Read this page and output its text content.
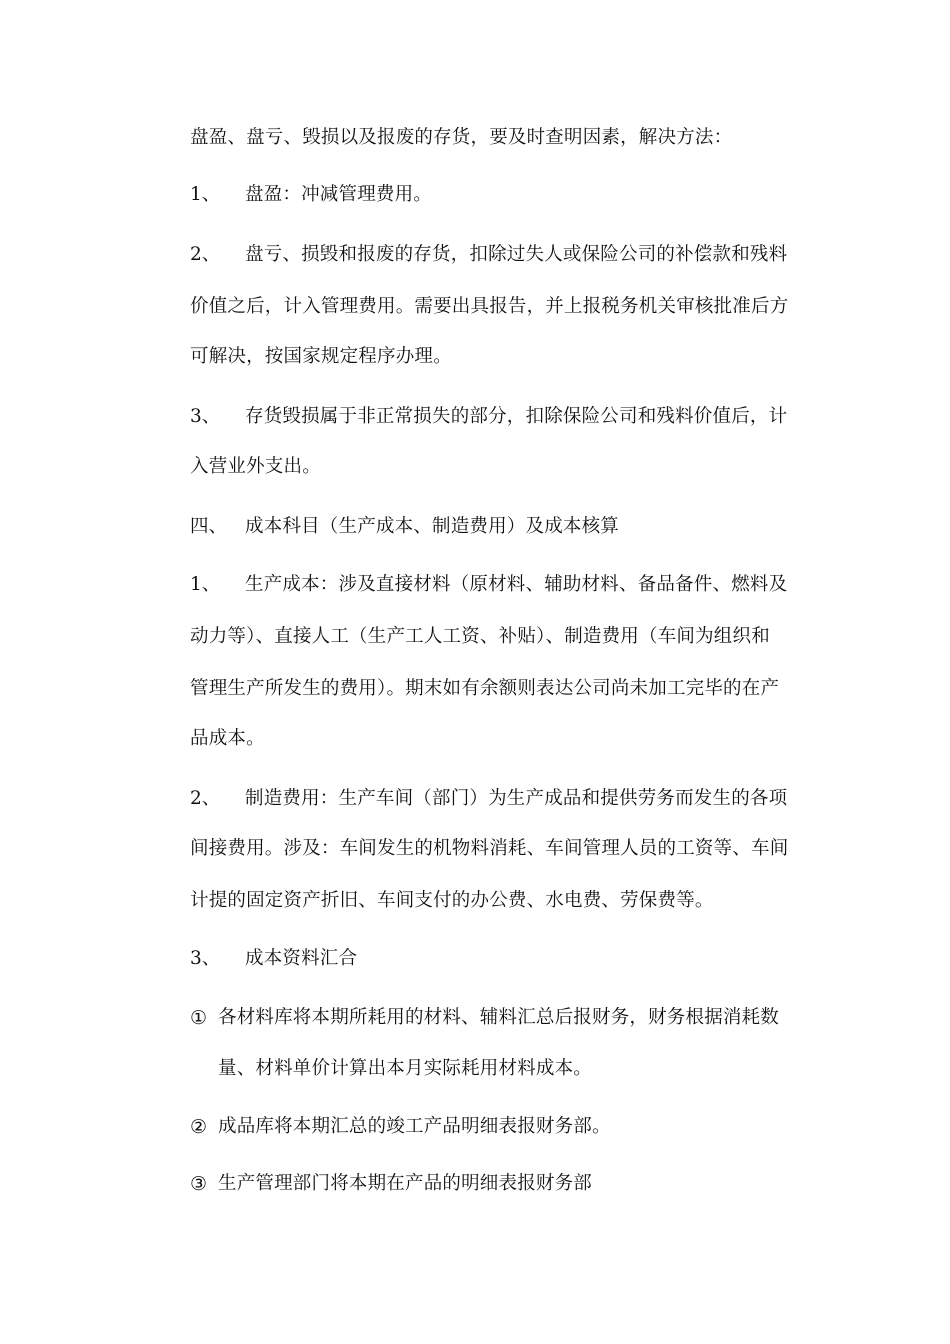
盘盈、盘亏、毁损以及报废的存货，要及时查明因素，解决方法：
1、 盘盈：冲减管理费用。
2、 盘亏、损毁和报废的存货，扣除过失人或保险公司的补偿款和残料
价值之后，计入管理费用。需要出具报告，并上报税务机关审核批准后方
可解决，按国家规定程序办理。
3、 存货毁损属于非正常损失的部分，扣除保险公司和残料价值后，计
入营业外支出。
四、 成本科目（生产成本、制造费用）及成本核算
1、 生产成本：涉及直接材料（原材料、辅助材料、备品备件、燃料及
动力等）、直接人工（生产工人工资、补贴）、制造费用（车间为组织和
管理生产所发生的费用）。期末如有余额则表达公司尚未加工完毕的在产
品成本。
2、 制造费用：生产车间（部门）为生产成品和提供劳务而发生的各项
间接费用。涉及：车间发生的机物料消耗、车间管理人员的工资等、车间
计提的固定资产折旧、车间支付的办公费、水电费、劳保费等。
3、 成本资料汇合
① 各材料库将本期所耗用的材料、辅料汇总后报财务，财务根据消耗数
量、材料单价计算出本月实际耗用材料成本。
② 成品库将本期汇总的竣工产品明细表报财务部。
③ 生产管理部门将本期在产品的明细表报财务部
